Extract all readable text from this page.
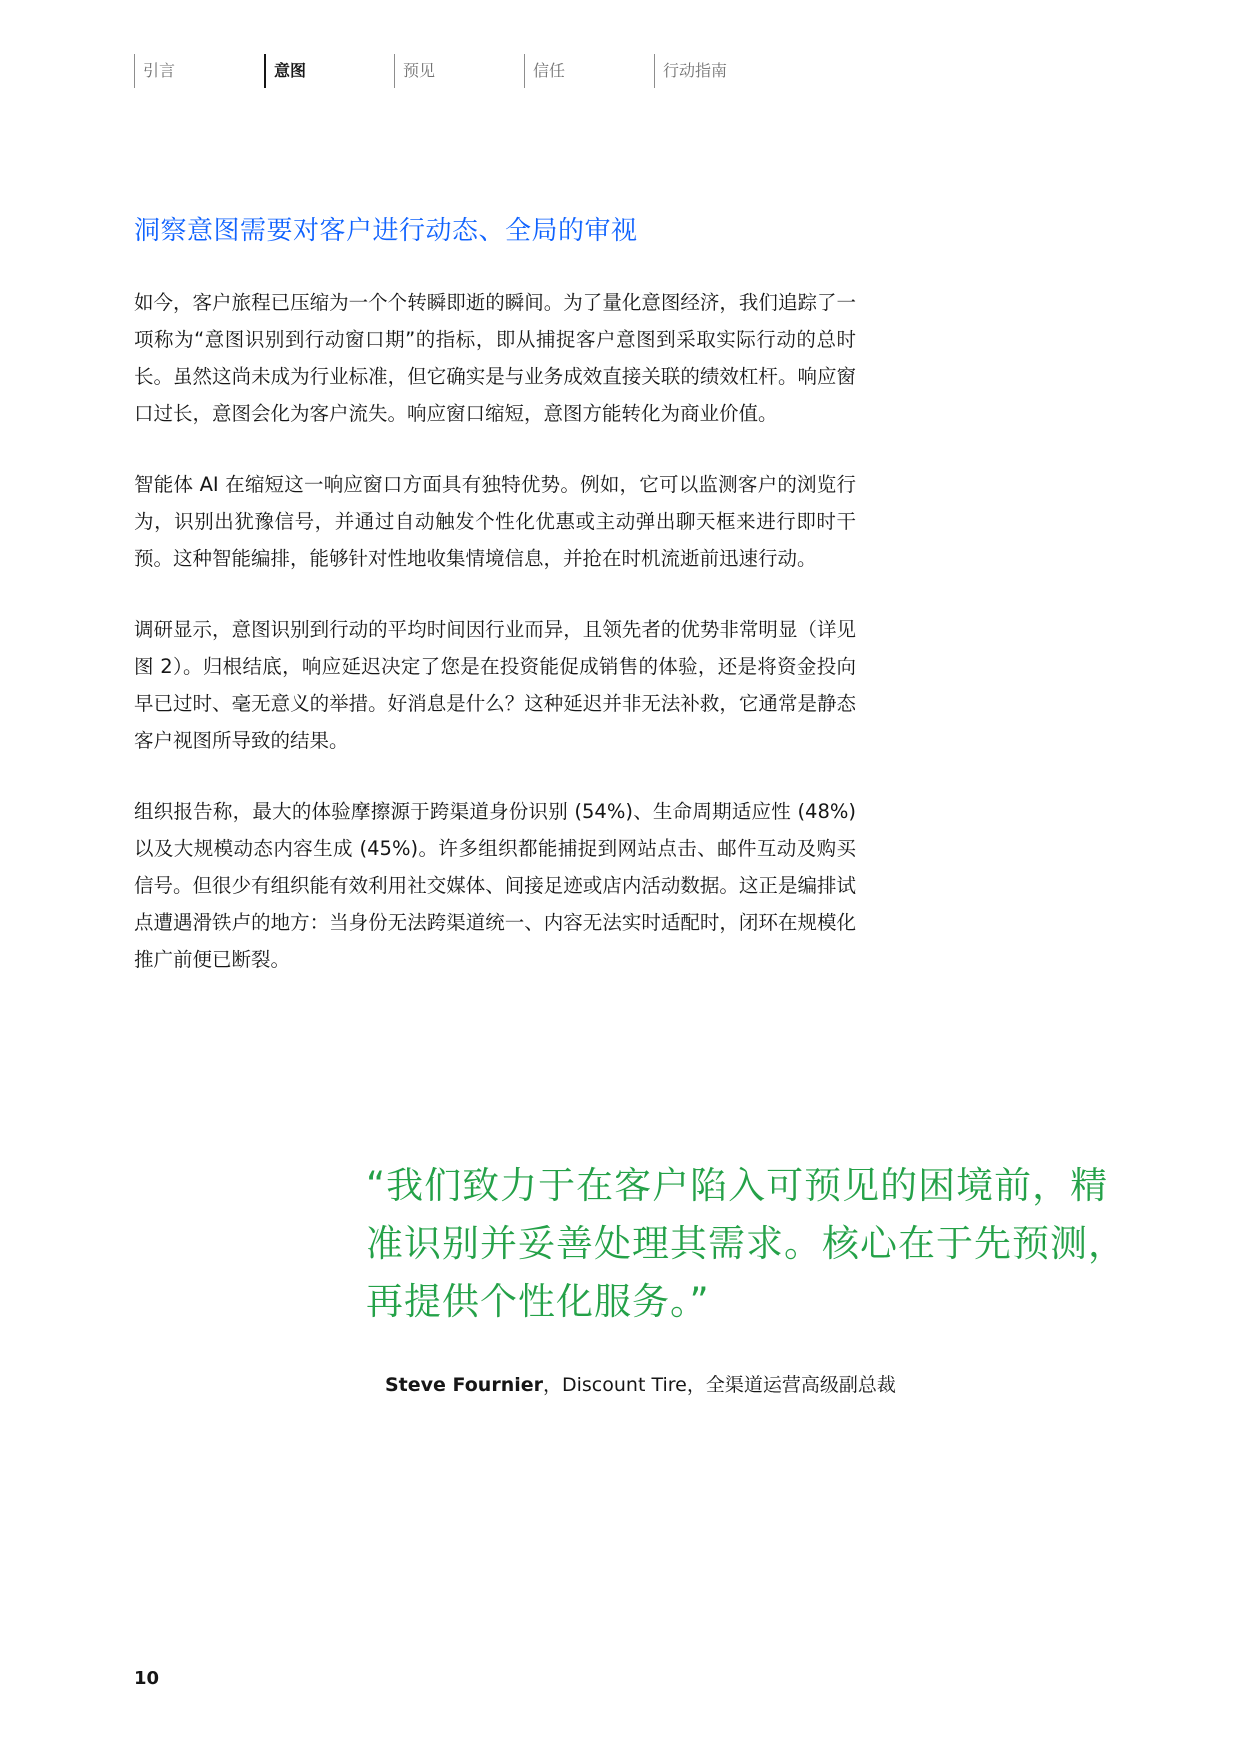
引言	意图	预见	信任	行动指南
洞察意图需要对客户进行动态、全局的审视

如今，客户旅程已压缩为一个个转瞬即逝的瞬间。为了量化意图经济，我们追踪了一项称为“意图识别到行动窗口期”的指标，即从捕捉客户意图到采取实际行动的总时长。虽然这尚未成为行业标准，但它确实是与业务成效直接关联的绩效杠杆。响应窗口过长，意图会化为客户流失。响应窗口缩短，意图方能转化为商业价值。

智能体 AI 在缩短这一响应窗口方面具有独特优势。例如，它可以监测客户的浏览行为，识别出犹豫信号，并通过自动触发个性化优惠或主动弹出聊天框来进行即时干预。这种智能编排，能够针对性地收集情境信息，并抢在时机流逝前迅速行动。

调研显示，意图识别到行动的平均时间因行业而异，且领先者的优势非常明显（详见图 2）。归根结底，响应延迟决定了您是在投资能促成销售的体验，还是将资金投向早已过时、毫无意义的举措。好消息是什么？这种延迟并非无法补救，它通常是静态客户视图所导致的结果。

组织报告称，最大的体验摩擦源于跨渠道身份识别 (54%)、生命周期适应性 (48%) 以及大规模动态内容生成 (45%)。许多组织都能捕捉到网站点击、邮件互动及购买信号。但很少有组织能有效利用社交媒体、间接足迹或店内活动数据。这正是编排试点遭遇滑铁卢的地方：当身份无法跨渠道统一、内容无法实时适配时，闭环在规模化推广前便已断裂。

“我们致力于在客户陷入可预见的困境前，精准识别并妥善处理其需求。核心在于先预测，再提供个性化服务。”
Steve Fournier，Discount Tire，全渠道运营高级副总裁
10
